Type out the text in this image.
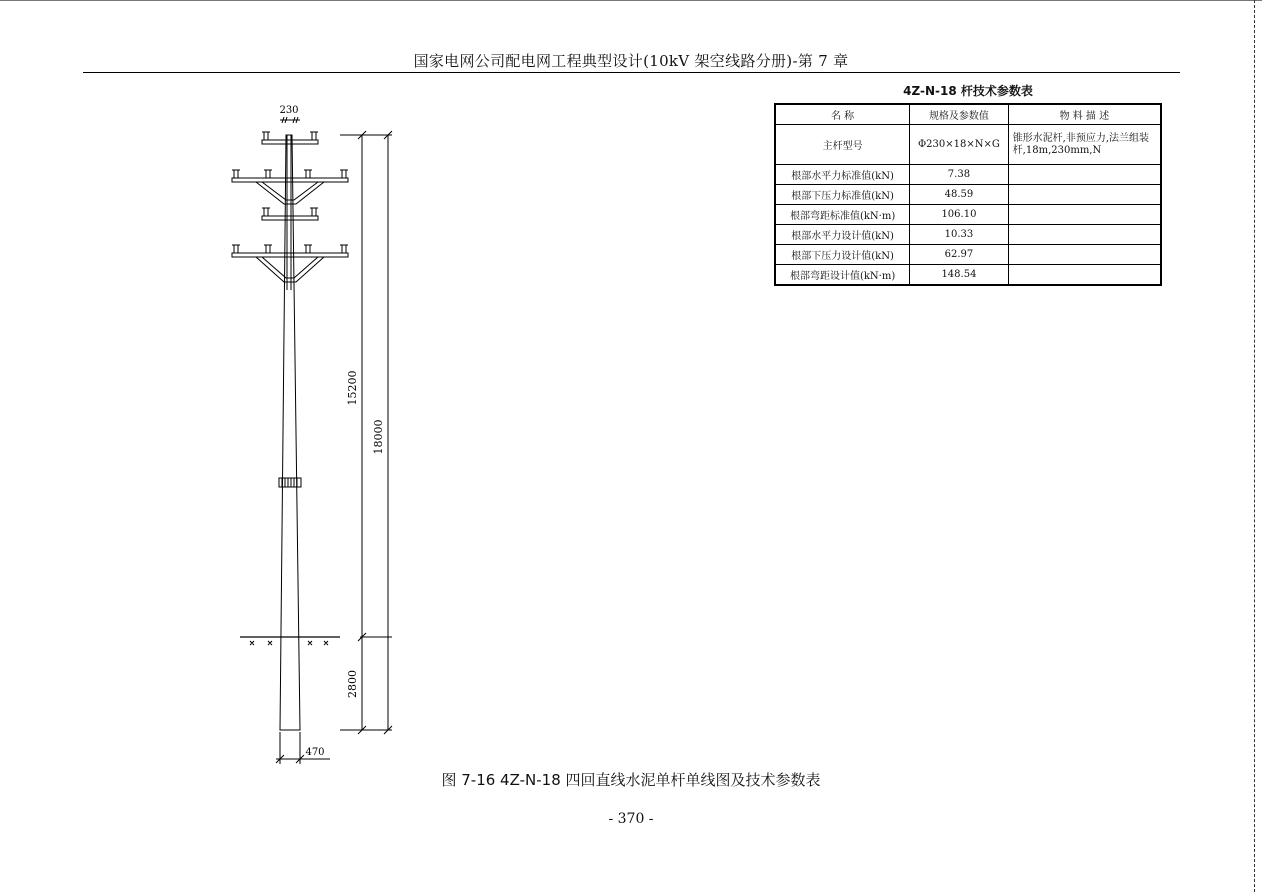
国家电网公司配电网工程典型设计(10kV 架空线路分册)-第 7 章
230
15200
18000
2800
470
4Z-N-18 杆技术参数表
名 称	规格及参数值	物 料 描 述
主杆型号	Φ230×18×N×G	锥形水泥杆,非预应力,法兰组装杆,18m,230mm,N
根部水平力标准值(kN)	7.38	
根部下压力标准值(kN)	48.59	
根部弯距标准值(kN·m)	106.10	
根部水平力设计值(kN)	10.33	
根部下压力设计值(kN)	62.97	
根部弯距设计值(kN·m)	148.54	
图 7-16 4Z-N-18 四回直线水泥单杆单线图及技术参数表
- 370 -
